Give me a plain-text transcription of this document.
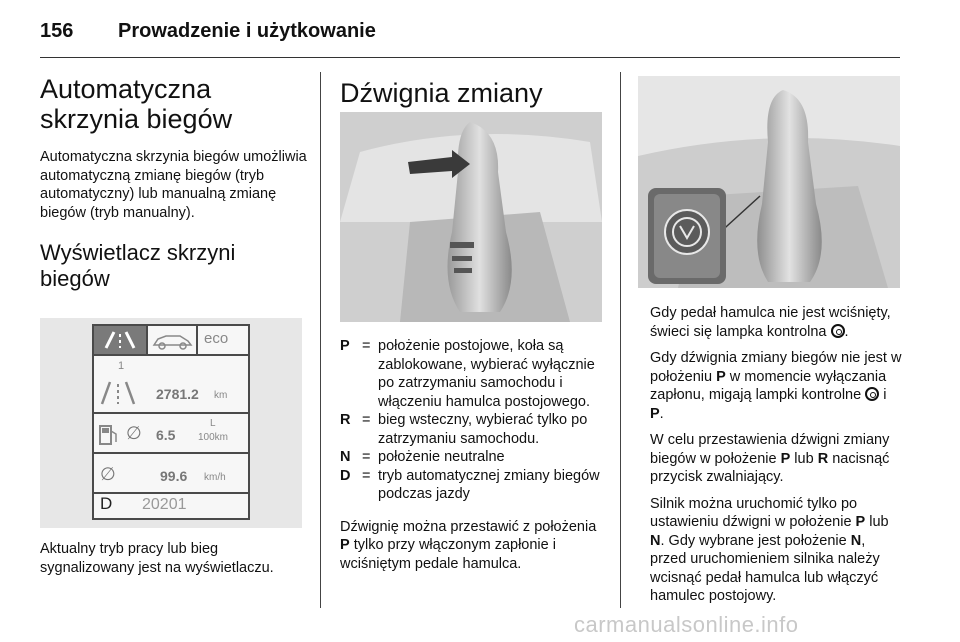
156 Prowadzenie i użytkowanie
Automatyczna skrzynia biegów

Automatyczna skrzynia biegów umożliwia automatyczną zmianę biegów (tryb automatyczny) lub manualną zmianę biegów (tryb manualny).

Wyświetlacz skrzyni biegów
eco
1
2781.2 km
∅ 6.5
L
100km
∅	99.6 km/h
D 20201

Aktualny tryb pracy lub bieg sygnalizowany jest na wyświetlaczu.

Dźwignia zmiany
P = położenie postojowe, koła są zablokowane, wybierać wyłącznie po zatrzymaniu samochodu i włączeniu hamulca postojowego.
R = bieg wsteczny, wybierać tylko po zatrzymaniu samochodu.
N = położenie neutralne
D = tryb automatycznej zmiany biegów podczas jazdy

Dźwignię można przestawić z położenia P tylko przy włączonym zapłonie i wciśniętym pedale hamulca.

Gdy pedał hamulca nie jest wciśnięty, świeci się lampka kontrolna .

Gdy dźwignia zmiany biegów nie jest w położeniu P w momencie wyłączania zapłonu, migają lampki kontrolne  i P.

W celu przestawienia dźwigni zmiany biegów w położenie P lub R nacisnąć przycisk zwalniający.

Silnik można uruchomić tylko po ustawieniu dźwigni w położenie P lub N. Gdy wybrane jest położenie N, przed uruchomieniem silnika należy wcisnąć pedał hamulca lub włączyć hamulec postojowy.

carmanualsonline.info
